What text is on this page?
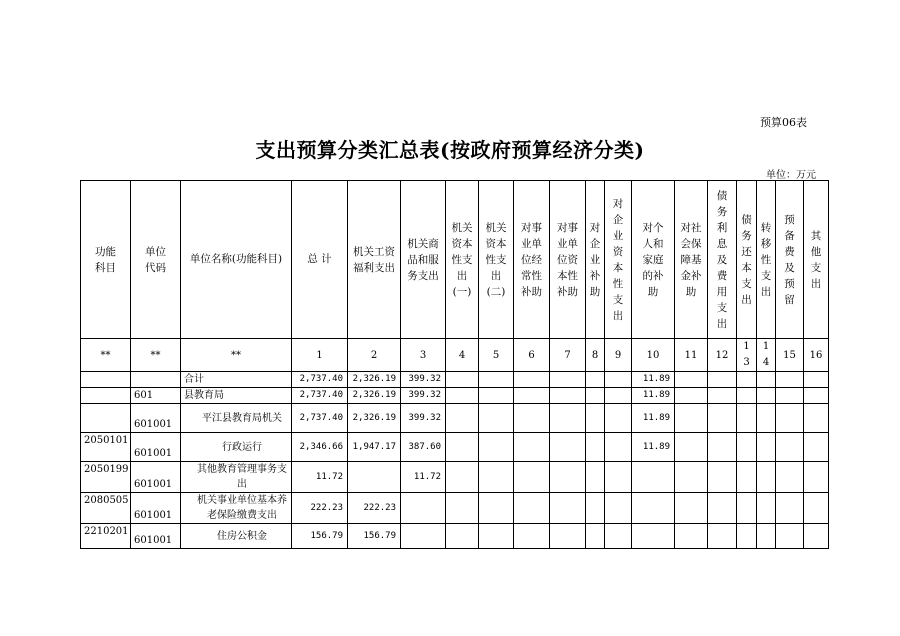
预算06表
支出预算分类汇总表(按政府预算经济分类)
单位：万元
功能科目	单位代码	单位名称(功能科目)	总 计	机关工资福利支出	机关商品和服务支出	机关资本性支出(一)	机关资本性支出(二)	对事业单位经常性补助	对事业单位资本性补助	对企业补助	对企业资本性支出	对个人和家庭的补助	对社会保障基金补助	债务利息及费用支出	债务还本支出	转移性支出	预备费及预留	其他支出

**	**	**	1	2	3	4	5	6	7	8	9	10	11	12	13	14	15	16
		合计	2,737.40	2,326.19	399.32							11.89						
	601	县教育局	2,737.40	2,326.19	399.32							11.89						
	601001	平江县教育局机关	2,737.40	2,326.19	399.32							11.89						
2050101	601001	行政运行	2,346.66	1,947.17	387.60							11.89						
2050199	601001	其他教育管理事务支出	11.72		11.72													
2080505	601001	机关事业单位基本养老保险缴费支出	222.23	222.23														
2210201	601001	住房公积金	156.79	156.79														
